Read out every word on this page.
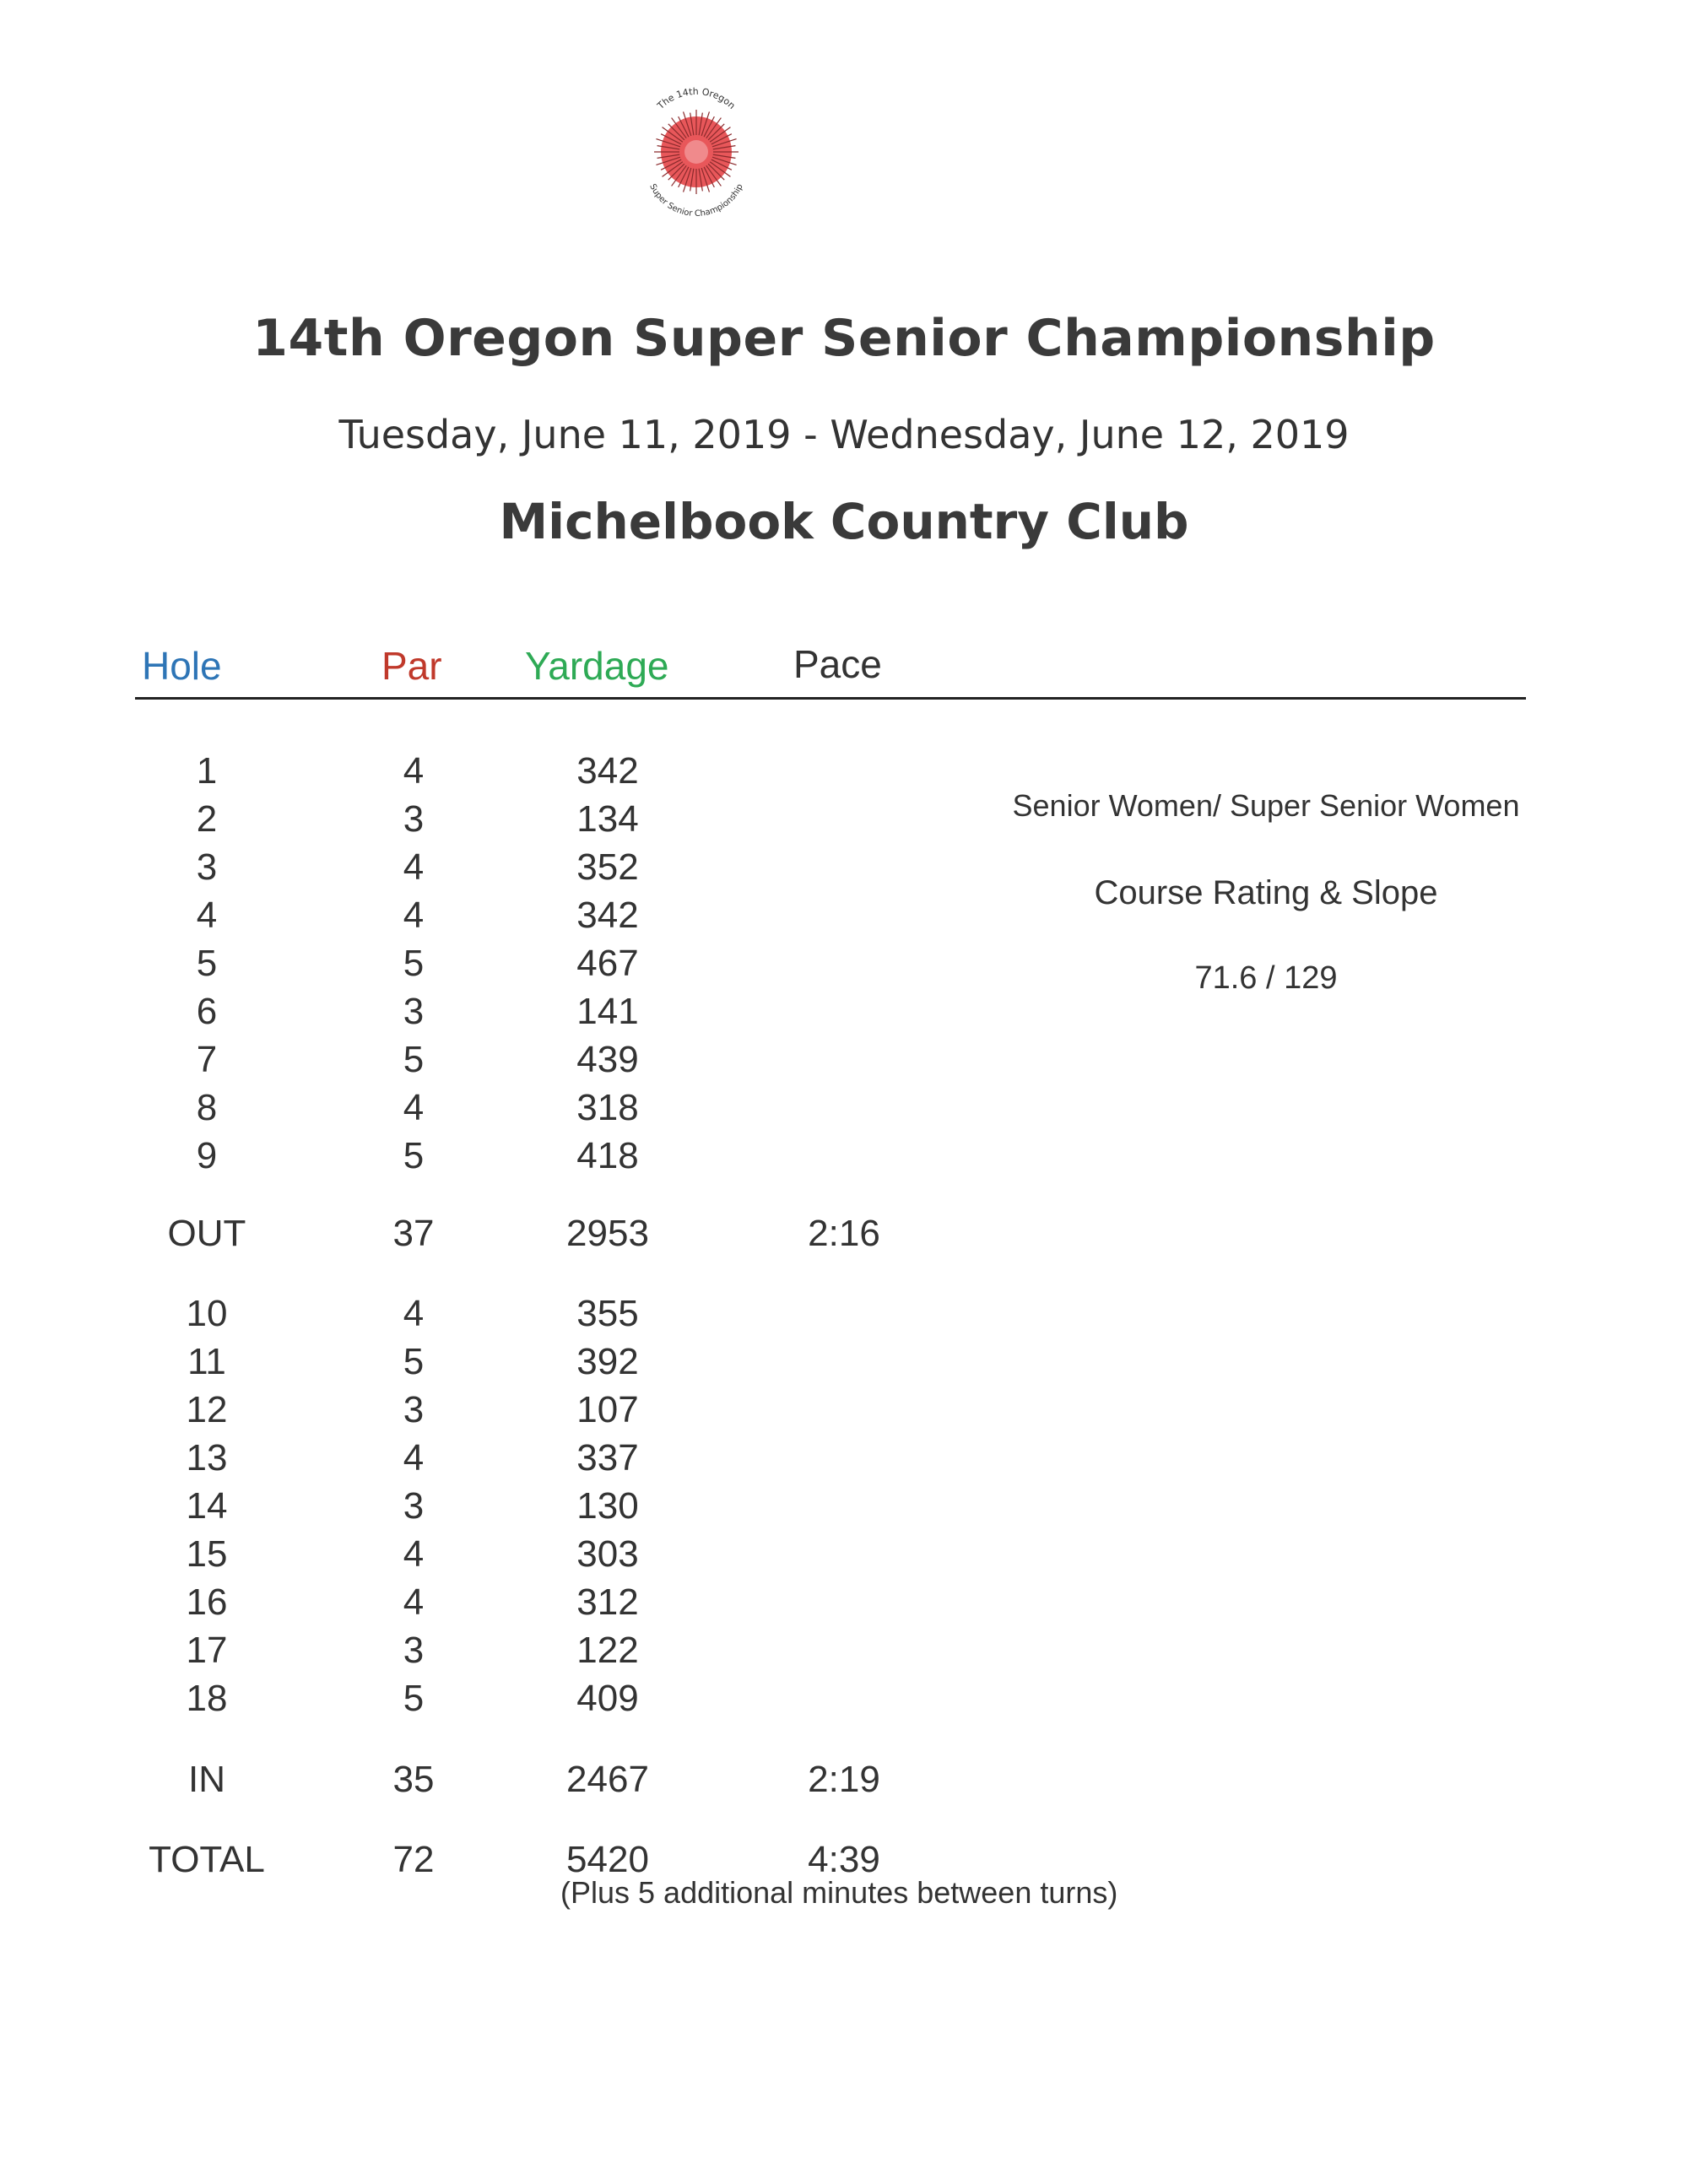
The 14th Oregon
Super Senior Championship
14th Oregon Super Senior Championship
Tuesday, June 11, 2019 - Wednesday, June 12, 2019
Michelbook Country Club
Hole	Par Yardage	Pace
1	4	342
2	3	134
3	4	352
4	4	342
5	5	467
6	3	141
7	5	439
8	4	318
9	5	418
OUT	37	2953	2:16
10	4	355
11	5	392
12	3	107
13	4	337
14	3	130
15	4	303
16	4	312
17	3	122
18	5	409
IN	35	2467	2:19
TOTAL	72	5420	4:39
Senior Women/ Super Senior Women
Course Rating & Slope
71.6 / 129
(Plus 5 additional minutes between turns)
